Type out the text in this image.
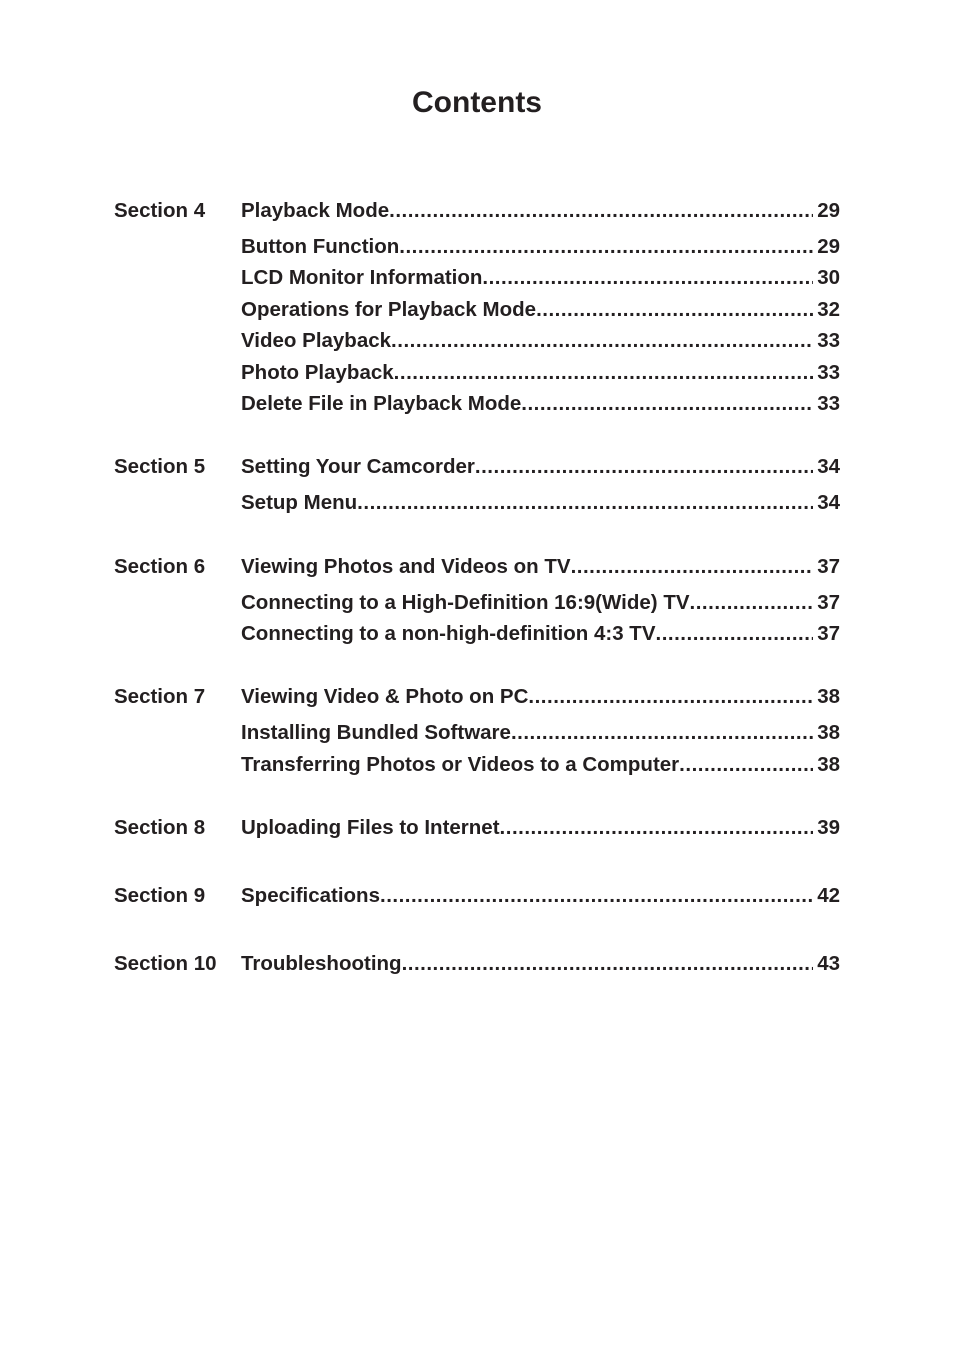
Contents
Section 4 Playback Mode .....	29
Button Function .....	29
LCD Monitor Information .....	30
Operations for Playback Mode .....	32
Video Playback .....	33
Photo Playback .....	33
Delete File in Playback Mode .....	33
Section 5 Setting Your Camcorder .....	34
Setup Menu .....	34
Section 6 Viewing Photos and Videos on TV .....	37
Connecting to a High-Definition 16:9(Wide) TV .....	37
Connecting to a non-high-definition 4:3 TV .....	37
Section 7 Viewing Video & Photo on PC .....	38
Installing Bundled Software .....	38
Transferring Photos or Videos to a Computer .....	38
Section 8 Uploading Files to Internet .....	39
Section 9 Specifications .....	42
Section 10 Troubleshooting .....	43
